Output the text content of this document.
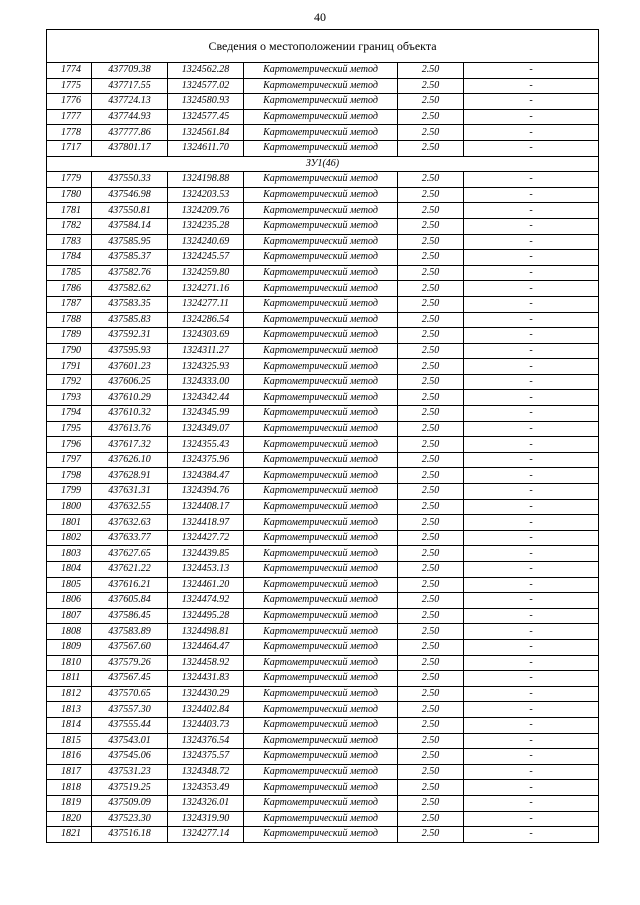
40
Сведения о местоположении границ объекта					
1774	437709.38	1324562.28	Картометрический метод	2.50	-
1775	437717.55	1324577.02	Картометрический метод	2.50	-
1776	437724.13	1324580.93	Картометрический метод	2.50	-
1777	437744.93	1324577.45	Картометрический метод	2.50	-
1778	437777.86	1324561.84	Картометрический метод	2.50	-
1717	437801.17	1324611.70	Картометрический метод	2.50	-
ЗУ1(46)					
1779	437550.33	1324198.88	Картометрический метод	2.50	-
1780	437546.98	1324203.53	Картометрический метод	2.50	-
1781	437550.81	1324209.76	Картометрический метод	2.50	-
1782	437584.14	1324235.28	Картометрический метод	2.50	-
1783	437585.95	1324240.69	Картометрический метод	2.50	-
1784	437585.37	1324245.57	Картометрический метод	2.50	-
1785	437582.76	1324259.80	Картометрический метод	2.50	-
1786	437582.62	1324271.16	Картометрический метод	2.50	-
1787	437583.35	1324277.11	Картометрический метод	2.50	-
1788	437585.83	1324286.54	Картометрический метод	2.50	-
1789	437592.31	1324303.69	Картометрический метод	2.50	-
1790	437595.93	1324311.27	Картометрический метод	2.50	-
1791	437601.23	1324325.93	Картометрический метод	2.50	-
1792	437606.25	1324333.00	Картометрический метод	2.50	-
1793	437610.29	1324342.44	Картометрический метод	2.50	-
1794	437610.32	1324345.99	Картометрический метод	2.50	-
1795	437613.76	1324349.07	Картометрический метод	2.50	-
1796	437617.32	1324355.43	Картометрический метод	2.50	-
1797	437626.10	1324375.96	Картометрический метод	2.50	-
1798	437628.91	1324384.47	Картометрический метод	2.50	-
1799	437631.31	1324394.76	Картометрический метод	2.50	-
1800	437632.55	1324408.17	Картометрический метод	2.50	-
1801	437632.63	1324418.97	Картометрический метод	2.50	-
1802	437633.77	1324427.72	Картометрический метод	2.50	-
1803	437627.65	1324439.85	Картометрический метод	2.50	-
1804	437621.22	1324453.13	Картометрический метод	2.50	-
1805	437616.21	1324461.20	Картометрический метод	2.50	-
1806	437605.84	1324474.92	Картометрический метод	2.50	-
1807	437586.45	1324495.28	Картометрический метод	2.50	-
1808	437583.89	1324498.81	Картометрический метод	2.50	-
1809	437567.60	1324464.47	Картометрический метод	2.50	-
1810	437579.26	1324458.92	Картометрический метод	2.50	-
1811	437567.45	1324431.83	Картометрический метод	2.50	-
1812	437570.65	1324430.29	Картометрический метод	2.50	-
1813	437557.30	1324402.84	Картометрический метод	2.50	-
1814	437555.44	1324403.73	Картометрический метод	2.50	-
1815	437543.01	1324376.54	Картометрический метод	2.50	-
1816	437545.06	1324375.57	Картометрический метод	2.50	-
1817	437531.23	1324348.72	Картометрический метод	2.50	-
1818	437519.25	1324353.49	Картометрический метод	2.50	-
1819	437509.09	1324326.01	Картометрический метод	2.50	-
1820	437523.30	1324319.90	Картометрический метод	2.50	-
1821	437516.18	1324277.14	Картометрический метод	2.50	-
